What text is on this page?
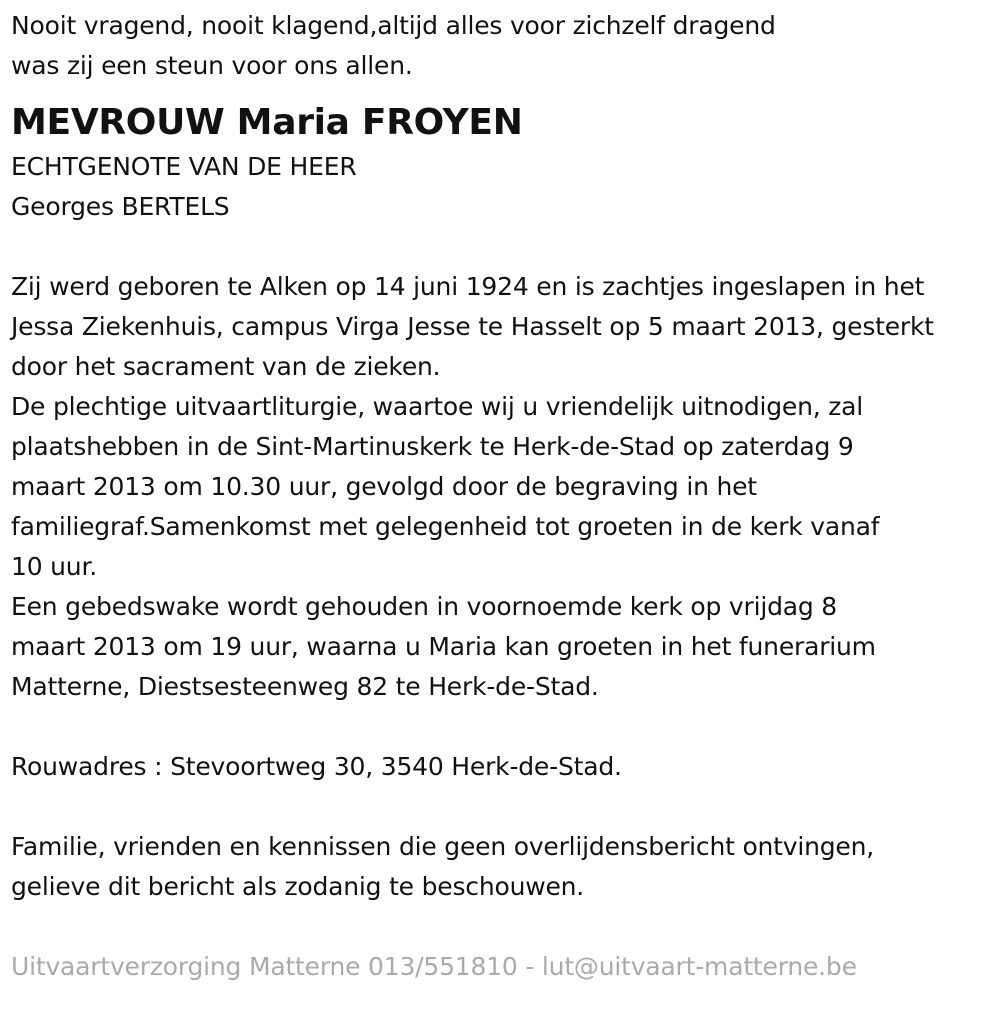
Nooit vragend, nooit klagend,altijd alles voor zichzelf dragend
was zij een steun voor ons allen.
MEVROUW Maria FROYEN
ECHTGENOTE VAN DE HEER
Georges BERTELS
Zij werd geboren te Alken op 14 juni 1924 en is zachtjes ingeslapen in het
Jessa Ziekenhuis, campus Virga Jesse te Hasselt op 5 maart 2013, gesterkt
door het sacrament van de zieken.
De plechtige uitvaartliturgie, waartoe wij u vriendelijk uitnodigen, zal
plaatshebben in de Sint-Martinuskerk te Herk-de-Stad op zaterdag 9
maart 2013 om 10.30 uur, gevolgd door de begraving in het
familiegraf.Samenkomst met gelegenheid tot groeten in de kerk vanaf
10 uur.
Een gebedswake wordt gehouden in voornoemde kerk op vrijdag 8
maart 2013 om 19 uur, waarna u Maria kan groeten in het funerarium
Matterne, Diestsesteenweg 82 te Herk-de-Stad.
Rouwadres : Stevoortweg 30, 3540 Herk-de-Stad.
Familie, vrienden en kennissen die geen overlijdensbericht ontvingen,
gelieve dit bericht als zodanig te beschouwen.
Uitvaartverzorging Matterne 013/551810 - lut@uitvaart-matterne.be
